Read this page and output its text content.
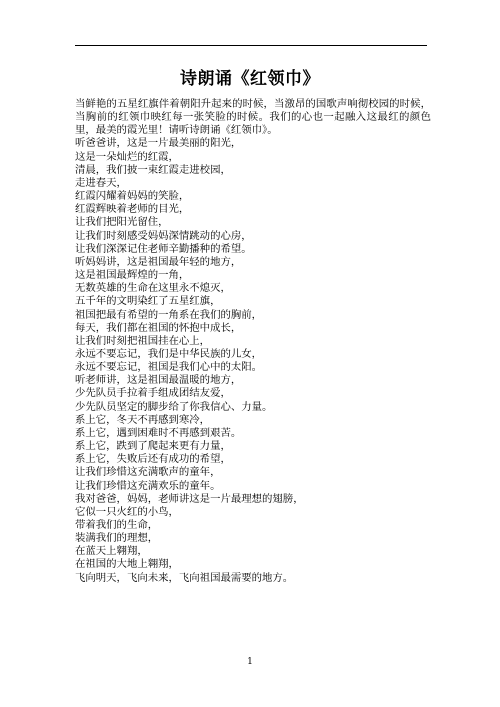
诗朗诵《红领巾》

当鲜艳的五星红旗伴着朝阳升起来的时候，当激昂的国歌声响彻校园的时候，当胸前的红领巾映红每一张笑脸的时候。我们的心也一起融入这最红的颜色里，最美的霞光里！请听诗朗诵《红领巾》。

听爸爸讲，这是一片最美丽的阳光，

这是一朵灿烂的红霞，

清晨，我们披一束红霞走进校园，

走进春天，

红霞闪耀着妈妈的笑脸，

红霞辉映着老师的目光，

让我们把阳光留住，

让我们时刻感受妈妈深情跳动的心房，

让我们深深记住老师辛勤播种的希望。

听妈妈讲，这是祖国最年轻的地方，

这是祖国最辉煌的一角，

无数英雄的生命在这里永不熄灭，

五千年的文明染红了五星红旗，

祖国把最有希望的一角系在我们的胸前，

每天，我们都在祖国的怀抱中成长，

让我们时刻把祖国挂在心上，

永远不要忘记，我们是中华民族的儿女，

永远不要忘记，祖国是我们心中的太阳。

听老师讲，这是祖国最温暖的地方，

少先队员手拉着手组成团结友爱，

少先队员坚定的脚步给了你我信心、力量。

系上它，冬天不再感到寒冷，

系上它，遇到困难时不再感到艰苦。

系上它，跌到了爬起来更有力量，

系上它，失败后还有成功的希望，

让我们珍惜这充满歌声的童年，

让我们珍惜这充满欢乐的童年。

我对爸爸，妈妈，老师讲这是一片最理想的翅膀，

它似一只火红的小鸟，

带着我们的生命，

装满我们的理想，

在蓝天上翱翔，

在祖国的大地上翱翔，

飞向明天，飞向未来，飞向祖国最需要的地方。

1
